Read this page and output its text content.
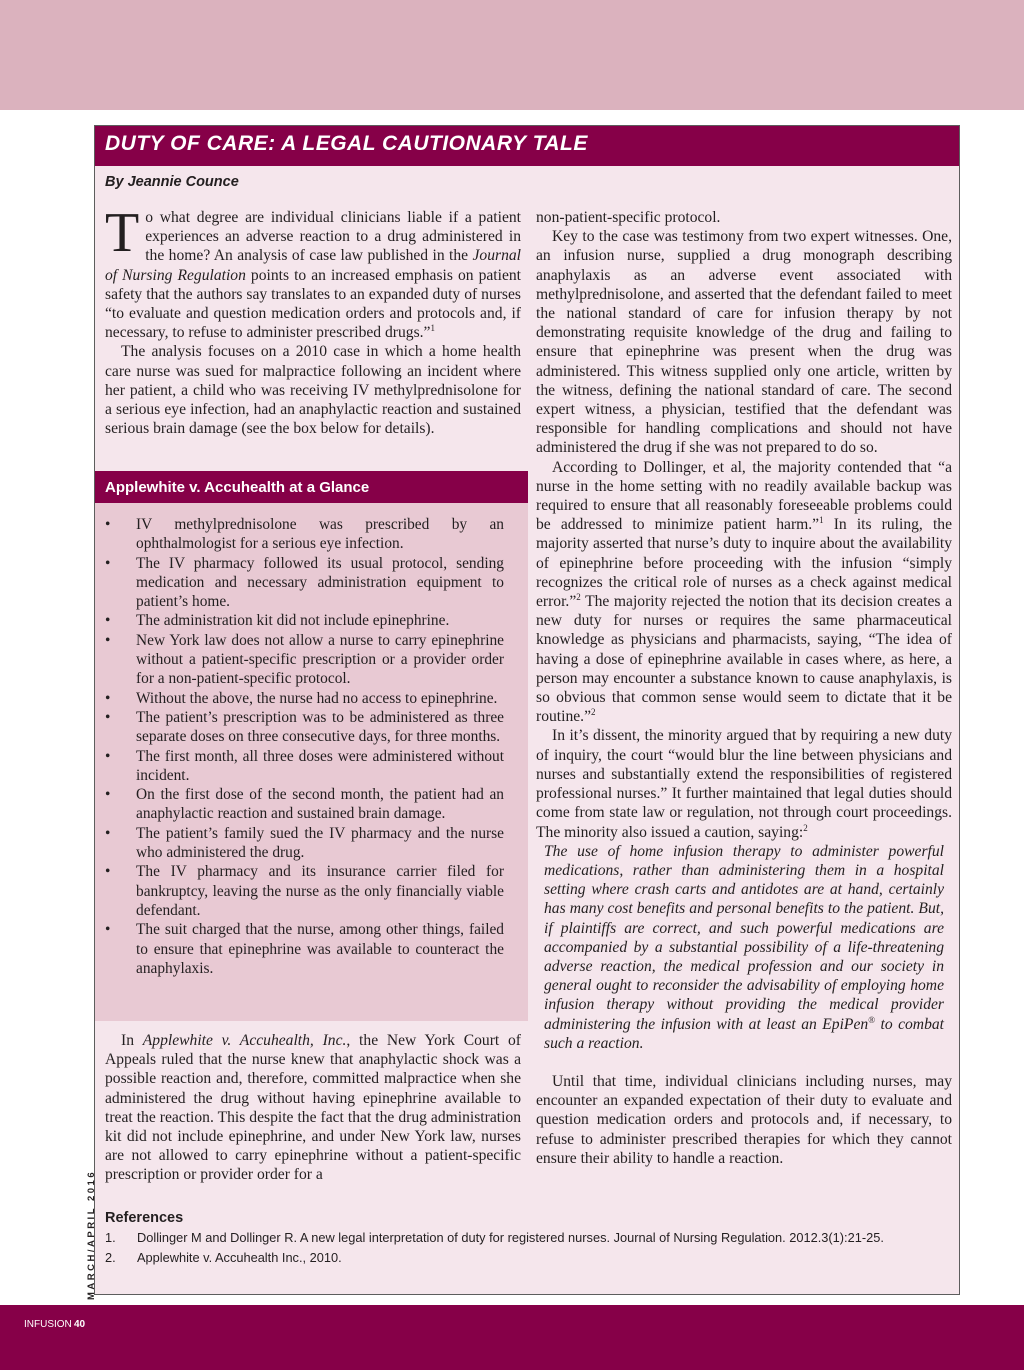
DUTY OF CARE: A LEGAL CAUTIONARY TALE

By Jeannie Counce

To what degree are individual clinicians liable if a patient experiences an adverse reaction to a drug administered in the home? An analysis of case law published in the Journal of Nursing Regulation points to an increased emphasis on patient safety that the authors say translates to an expanded duty of nurses “to evaluate and question medication orders and protocols and, if necessary, to refuse to administer prescribed drugs.”$^1$

The analysis focuses on a 2010 case in which a home health care nurse was sued for malpractice following an incident where her patient, a child who was receiving IV methylprednisolone for a serious eye infection, had an anaphylactic reaction and sustained serious brain damage (see the box below for details).

Applewhite v. Accuhealth at a Glance
• IV methylprednisolone was prescribed by an ophthalmologist for a serious eye infection.
• The IV pharmacy followed its usual protocol, sending medication and necessary administration equipment to patient’s home.
• The administration kit did not include epinephrine.
• New York law does not allow a nurse to carry epinephrine without a patient-specific prescription or a provider order for a non-patient-specific protocol.
• Without the above, the nurse had no access to epinephrine.
• The patient’s prescription was to be administered as three separate doses on three consecutive days, for three months.
• The first month, all three doses were administered without incident.
• On the first dose of the second month, the patient had an anaphylactic reaction and sustained brain damage.
• The patient’s family sued the IV pharmacy and the nurse who administered the drug.
• The IV pharmacy and its insurance carrier filed for bankruptcy, leaving the nurse as the only financially viable defendant.
• The suit charged that the nurse, among other things, failed to ensure that epinephrine was available to counteract the anaphylaxis.

In Applewhite v. Accuhealth, Inc., the New York Court of Appeals ruled that the nurse knew that anaphylactic shock was a possible reaction and, therefore, committed malpractice when she administered the drug without having epinephrine available to treat the reaction. This despite the fact that the drug administration kit did not include epinephrine, and under New York law, nurses are not allowed to carry epinephrine without a patient-specific prescription or provider order for a

non-patient-specific protocol.

Key to the case was testimony from two expert witnesses. One, an infusion nurse, supplied a drug monograph describing anaphylaxis as an adverse event associated with methylprednisolone, and asserted that the defendant failed to meet the national standard of care for infusion therapy by not demonstrating requisite knowledge of the drug and failing to ensure that epinephrine was present when the drug was administered. This witness supplied only one article, written by the witness, defining the national standard of care. The second expert witness, a physician, testified that the defendant was responsible for handling complications and should not have administered the drug if she was not prepared to do so.

According to Dollinger, et al, the majority contended that “a nurse in the home setting with no readily available backup was required to ensure that all reasonably foreseeable problems could be addressed to minimize patient harm.”$^1$ In its ruling, the majority asserted that nurse’s duty to inquire about the availability of epinephrine before proceeding with the infusion “simply recognizes the critical role of nurses as a check against medical error.”$^2$ The majority rejected the notion that its decision creates a new duty for nurses or requires the same pharmaceutical knowledge as physicians and pharmacists, saying, “The idea of having a dose of epinephrine available in cases where, as here, a person may encounter a substance known to cause anaphylaxis, is so obvious that common sense would seem to dictate that it be routine.”$^2$

In it’s dissent, the minority argued that by requiring a new duty of inquiry, the court “would blur the line between physicians and nurses and substantially extend the responsibilities of registered professional nurses.” It further maintained that legal duties should come from state law or regulation, not through court proceedings. The minority also issued a caution, saying:$^2$

The use of home infusion therapy to administer powerful medications, rather than administering them in a hospital setting where crash carts and antidotes are at hand, certainly has many cost benefits and personal benefits to the patient. But, if plaintiffs are correct, and such powerful medications are accompanied by a substantial possibility of a life-threatening adverse reaction, the medical profession and our society in general ought to reconsider the advisability of employing home infusion therapy without providing the medical provider administering the infusion with at least an EpiPen® to combat such a reaction.

Until that time, individual clinicians including nurses, may encounter an expanded expectation of their duty to evaluate and question medication orders and protocols and, if necessary, to refuse to administer prescribed therapies for which they cannot ensure their ability to handle a reaction.

References
1.	Dollinger M and Dollinger R. A new legal interpretation of duty for registered nurses. Journal of Nursing Regulation. 2012.3(1):21-25.
2.	Applewhite v. Accuhealth Inc., 2010.
MARCH/APRIL 2016
INFUSION 40
